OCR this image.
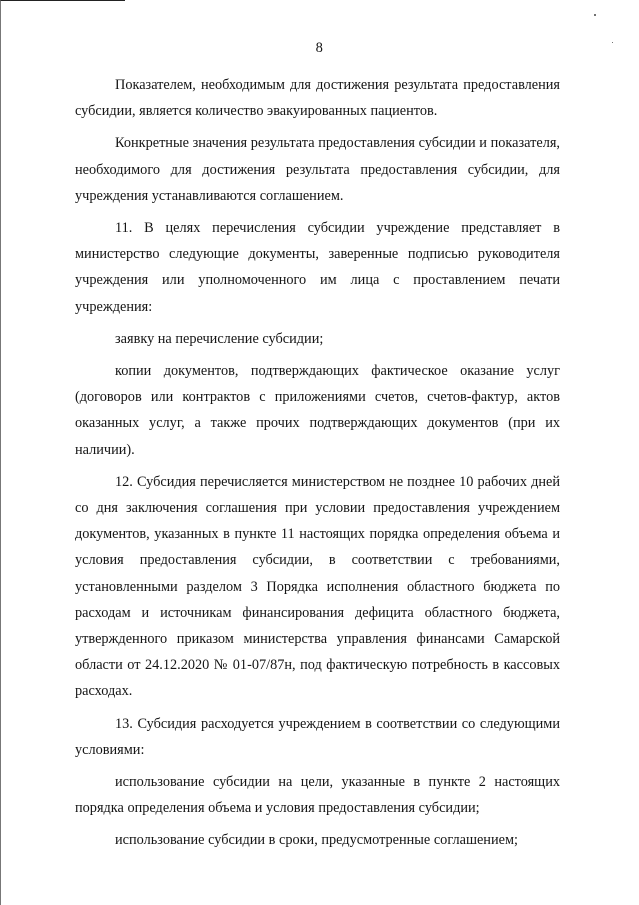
8

Показателем, необходимым для достижения результата предоставления субсидии, является количество эвакуированных пациентов.

Конкретные значения результата предоставления субсидии и показателя, необходимого для достижения результата предоставления субсидии, для учреждения устанавливаются соглашением.

11. В целях перечисления субсидии учреждение представляет в министерство следующие документы, заверенные подписью руководителя учреждения или уполномоченного им лица с проставлением печати учреждения:

заявку на перечисление субсидии;

копии документов, подтверждающих фактическое оказание услуг (договоров или контрактов с приложениями счетов, счетов-фактур, актов оказанных услуг, а также прочих подтверждающих документов (при их наличии).

12. Субсидия перечисляется министерством не позднее 10 рабочих дней со дня заключения соглашения при условии предоставления учреждением документов, указанных в пункте 11 настоящих порядка определения объема и условия предоставления субсидии, в соответствии с требованиями, установленными разделом 3 Порядка исполнения областного бюджета по расходам и источникам финансирования дефицита областного бюджета, утвержденного приказом министерства управления финансами Самарской области от 24.12.2020 № 01-07/87н, под фактическую потребность в кассовых расходах.

13. Субсидия расходуется учреждением в соответствии со следующими условиями:

использование субсидии на цели, указанные в пункте 2 настоящих порядка определения объема и условия предоставления субсидии;

использование субсидии в сроки, предусмотренные соглашением;
